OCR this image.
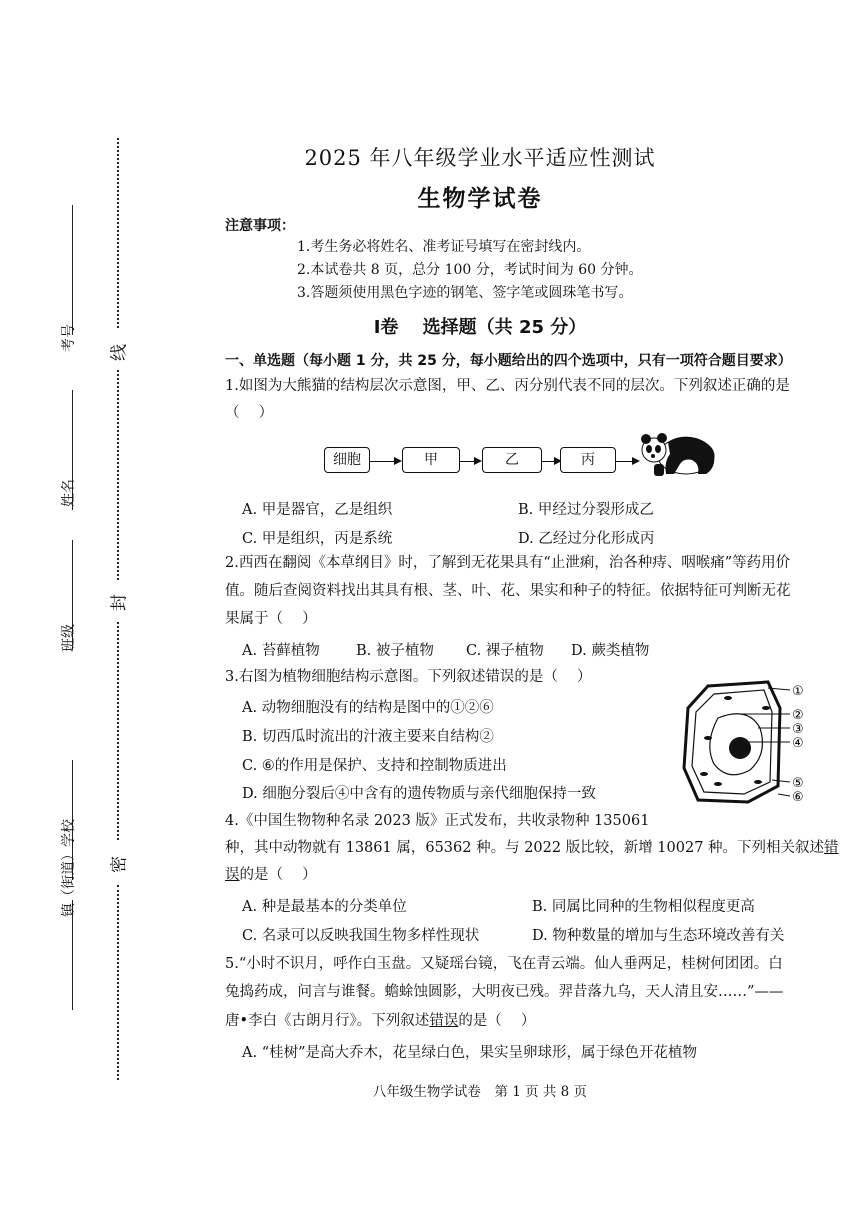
考号
姓名
班级
镇（街道）学校
线
封
密
2025 年八年级学业水平适应性测试
生物学试卷
注意事项：
1.考生务必将姓名、准考证号填写在密封线内。
2.本试卷共 8 页，总分 100 分，考试时间为 60 分钟。
3.答题须使用黑色字迹的钢笔、签字笔或圆珠笔书写。
Ⅰ卷　 选择题（共 25 分）
一、单选题（每小题 1 分，共 25 分，每小题给出的四个选项中，只有一项符合题目要求）
1.如图为大熊猫的结构层次示意图，甲、乙、丙分别代表不同的层次。下列叙述正确的是
（　 ）
细胞	甲	乙	丙
A. 甲是器官，乙是组织	B. 甲经过分裂形成乙
C. 甲是组织，丙是系统	D. 乙经过分化形成丙
2.西西在翻阅《本草纲目》时，了解到无花果具有“止泄痢，治各种痔、咽喉痛”等药用价
值。随后查阅资料找出其具有根、茎、叶、花、果实和种子的特征。依据特征可判断无花
果属于（　 ）
A. 苔藓植物	B. 被子植物 C. 裸子植物 D. 蕨类植物
3.右图为植物细胞结构示意图。下列叙述错误的是（　 ）
A. 动物细胞没有的结构是图中的①②⑥
B. 切西瓜时流出的汁液主要来自结构②
C. ⑥的作用是保护、支持和控制物质进出
D. 细胞分裂后④中含有的遗传物质与亲代细胞保持一致
①
②
③
④
⑤
⑥
4.《中国生物物种名录 2023 版》正式发布，共收录物种 135061
种，其中动物就有 13861 属，65362 种。与 2022 版比较，新增 10027 种。下列相关叙述错
误的是（　 ）
A. 种是最基本的分类单位	B. 同属比同种的生物相似程度更高
C. 名录可以反映我国生物多样性现状	D. 物种数量的增加与生态环境改善有关
5.“小时不识月，呼作白玉盘。又疑瑶台镜，飞在青云端。仙人垂两足，桂树何团团。白
兔捣药成，问言与谁餐。蟾蜍蚀圆影，大明夜已残。羿昔落九乌，天人清且安……”——
唐•李白《古朗月行》。下列叙述错误的是（　 ）
A. “桂树”是高大乔木，花呈绿白色，果实呈卵球形，属于绿色开花植物
八年级生物学试卷　第 1 页 共 8 页
